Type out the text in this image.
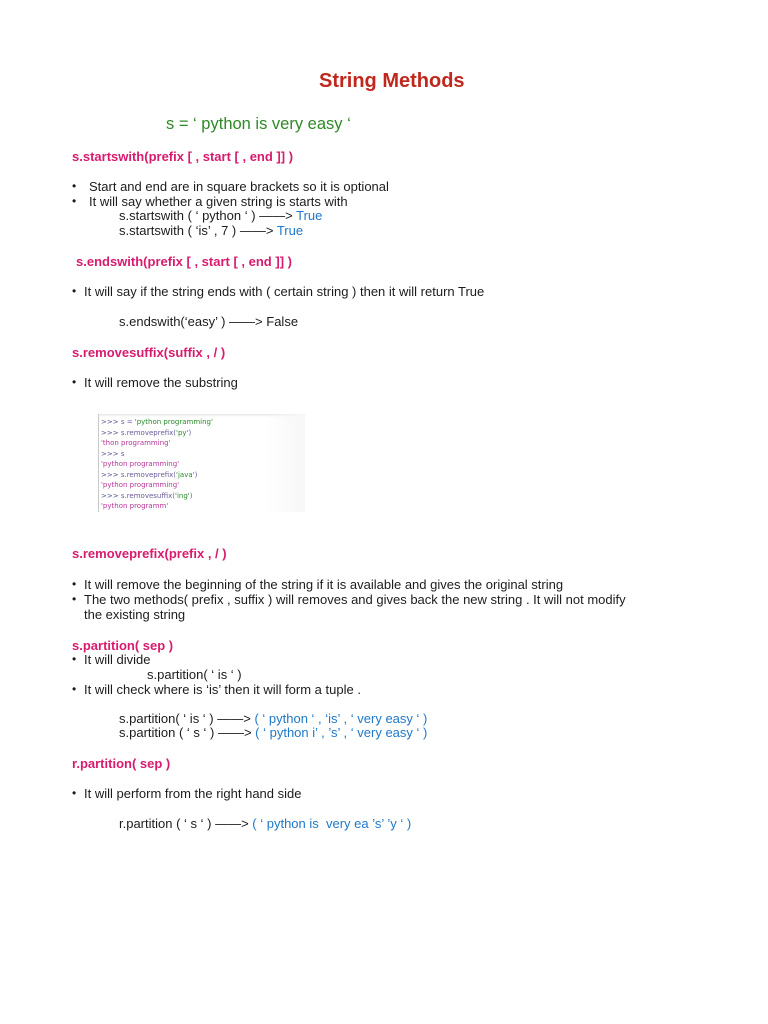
String Methods
s = ‘ python is very easy ‘
s.startswith(prefix [ , start [ , end ]] )
• Start and end are in square brackets so it is optional
• It will say whether a given string is starts with
s.startswith ( ‘ python ‘ ) ——> True
s.startswith ( ‘is’ , 7 ) ——> True
s.endswith(prefix [ , start [ , end ]] )
• It will say if the string ends with ( certain string ) then it will return True
s.endswith(‘easy’ ) ——> False
s.removesuffix(suffix , / )
• It will remove the substring
>>> s = 'python programming'
>>> s.removeprefix('py')
'thon programming'
>>> s
'python programming'
>>> s.removeprefix('java')
'python programming'
>>> s.removesuffix('ing')
'python programm'
s.removeprefix(prefix , / )
• It will remove the beginning of the string if it is available and gives the original string
• The two methods( prefix , suffix ) will removes and gives back the new string . It will not modify
the existing string
s.partition( sep )
• It will divide
s.partition( ‘ is ‘ )
• It will check where is ‘is’ then it will form a tuple .
s.partition( ‘ is ‘ ) ——> ( ‘ python ‘ , ‘is’ , ‘ very easy ‘ )
s.partition ( ‘ s ‘ ) ——> ( ‘ python i’ , ’s’ , ‘ very easy ‘ )
r.partition( sep )
• It will perform from the right hand side
r.partition ( ‘ s ‘ ) ——> ( ‘ python is  very ea ’s’ ’y ‘ )
